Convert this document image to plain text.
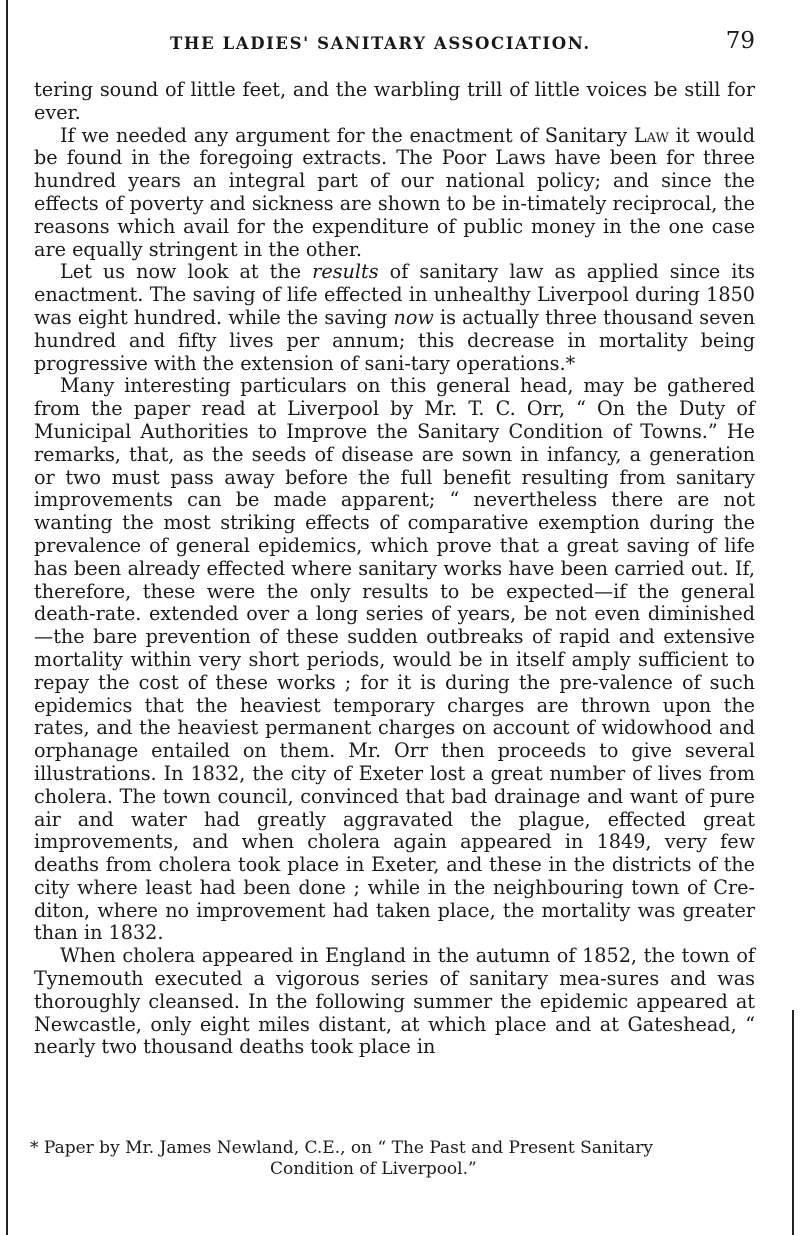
THE LADIES' SANITARY ASSOCIATION.	79

tering sound of little feet, and the warbling trill of little voices be still for ever.

If we needed any argument for the enactment of Sanitary Law it would be found in the foregoing extracts. The Poor Laws have been for three hundred years an integral part of our national policy; and since the effects of poverty and sickness are shown to be in-timately reciprocal, the reasons which avail for the expenditure of public money in the one case are equally stringent in the other.

Let us now look at the results of sanitary law as applied since its enactment. The saving of life effected in unhealthy Liverpool during 1850 was eight hundred. while the saving now is actually three thousand seven hundred and fifty lives per annum; this decrease in mortality being progressive with the extension of sani-tary operations.*

Many interesting particulars on this general head, may be gathered from the paper read at Liverpool by Mr. T. C. Orr, “ On the Duty of Municipal Authorities to Improve the Sanitary Condition of Towns.” He remarks, that, as the seeds of disease are sown in infancy, a generation or two must pass away before the full benefit resulting from sanitary improvements can be made apparent; “ nevertheless there are not wanting the most striking effects of comparative exemption during the prevalence of general epidemics, which prove that a great saving of life has been already effected where sanitary works have been carried out. If, therefore, these were the only results to be expected—if the general death-rate. extended over a long series of years, be not even diminished—the bare prevention of these sudden outbreaks of rapid and extensive mortality within very short periods, would be in itself amply sufficient to repay the cost of these works ; for it is during the pre-valence of such epidemics that the heaviest temporary charges are thrown upon the rates, and the heaviest permanent charges on account of widowhood and orphanage entailed on them. Mr. Orr then proceeds to give several illustrations. In 1832, the city of Exeter lost a great number of lives from cholera. The town council, convinced that bad drainage and want of pure air and water had greatly aggravated the plague, effected great improvements, and when cholera again appeared in 1849, very few deaths from cholera took place in Exeter, and these in the districts of the city where least had been done ; while in the neighbouring town of Cre-diton, where no improvement had taken place, the mortality was greater than in 1832.

When cholera appeared in England in the autumn of 1852, the town of Tynemouth executed a vigorous series of sanitary mea-sures and was thoroughly cleansed. In the following summer the epidemic appeared at Newcastle, only eight miles distant, at which place and at Gateshead, “ nearly two thousand deaths took place in

* Paper by Mr. James Newland, C.E., on “ The Past and Present Sanitary
Condition of Liverpool.”
